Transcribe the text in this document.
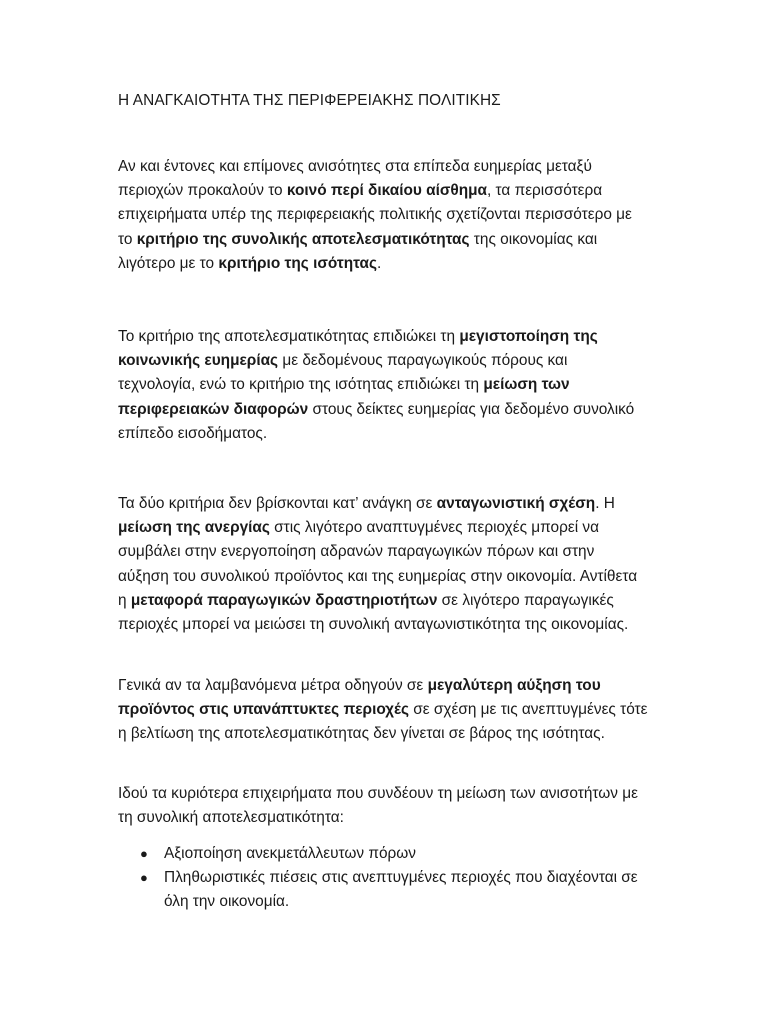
Η ΑΝΑΓΚΑΙΟΤΗΤΑ ΤΗΣ ΠΕΡΙΦΕΡΕΙΑΚΗΣ ΠΟΛΙΤΙΚΗΣ

Αν και έντονες και επίμονες ανισότητες στα επίπεδα ευημερίας μεταξύ περιοχών προκαλούν το κοινό περί δικαίου αίσθημα, τα περισσότερα επιχειρήματα υπέρ της περιφερειακής πολιτικής σχετίζονται περισσότερο με το κριτήριο της συνολικής αποτελεσματικότητας της οικονομίας και λιγότερο με το κριτήριο της ισότητας.

Το κριτήριο της αποτελεσματικότητας επιδιώκει τη μεγιστοποίηση της κοινωνικής ευημερίας με δεδομένους παραγωγικούς πόρους και τεχνολογία, ενώ το κριτήριο της ισότητας επιδιώκει τη μείωση των περιφερειακών διαφορών στους δείκτες ευημερίας για δεδομένο συνολικό επίπεδο εισοδήματος.

Τα δύο κριτήρια δεν βρίσκονται κατ’ ανάγκη σε ανταγωνιστική σχέση. Η μείωση της ανεργίας στις λιγότερο αναπτυγμένες περιοχές μπορεί να συμβάλει στην ενεργοποίηση αδρανών παραγωγικών πόρων και στην αύξηση του συνολικού προϊόντος και της ευημερίας στην οικονομία. Αντίθετα η μεταφορά παραγωγικών δραστηριοτήτων σε λιγότερο παραγωγικές περιοχές μπορεί να μειώσει τη συνολική ανταγωνιστικότητα της οικονομίας.

Γενικά αν τα λαμβανόμενα μέτρα οδηγούν σε μεγαλύτερη αύξηση του προϊόντος στις υπανάπτυκτες περιοχές σε σχέση με τις ανεπτυγμένες τότε η βελτίωση της αποτελεσματικότητας δεν γίνεται σε βάρος της ισότητας.

Ιδού τα κυριότερα επιχειρήματα που συνδέουν τη μείωση των ανισοτήτων με τη συνολική αποτελεσματικότητα:

● Αξιοποίηση ανεκμετάλλευτων πόρων
● Πληθωριστικές πιέσεις στις ανεπτυγμένες περιοχές που διαχέονται σε όλη την οικονομία.
